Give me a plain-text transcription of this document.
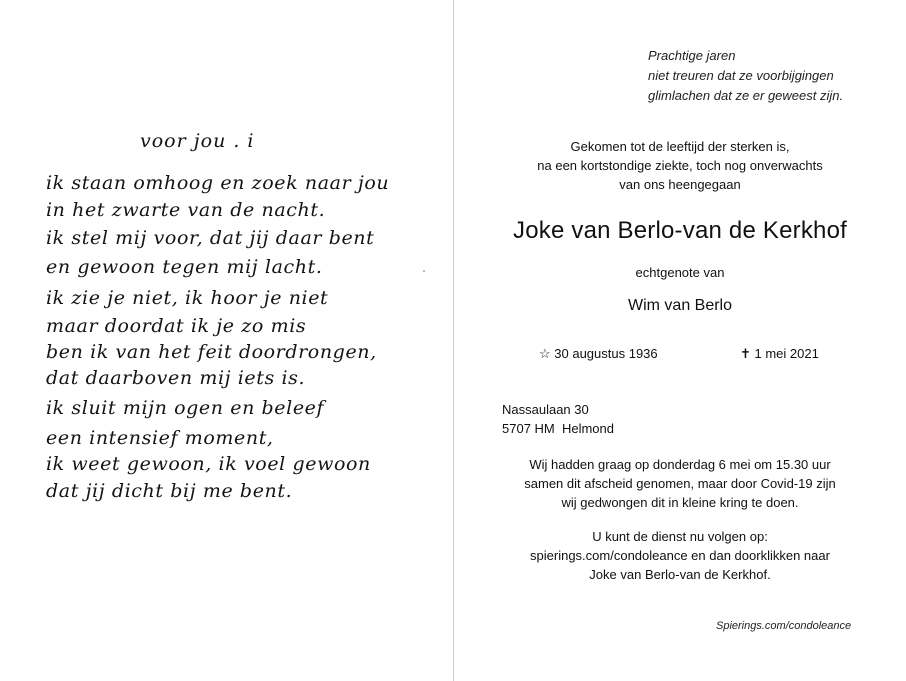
voor jou . i
ik staan omhoog en zoek naar jou
in het zwarte van de nacht.
ik stel mij voor, dat jij daar bent
en gewoon tegen mij lacht.
ik zie je niet, ik hoor je niet
maar doordat ik je zo mis
ben ik van het feit doordrongen,
dat daarboven mij iets is.
ik sluit mijn ogen en beleef
een intensief moment,
ik weet gewoon, ik voel gewoon
dat jij dicht bij me bent.
Prachtige jaren
niet treuren dat ze voorbijgingen
glimlachen dat ze er geweest zijn.
Gekomen tot de leeftijd der sterken is,
na een kortstondige ziekte, toch nog onverwachts
van ons heengegaan
Joke van Berlo-van de Kerkhof
echtgenote van
Wim van Berlo
☆ 30 augustus 1936	✝ 1 mei 2021
Nassaulaan 30
5707 HM  Helmond
Wij hadden graag op donderdag 6 mei om 15.30 uur
samen dit afscheid genomen, maar door Covid-19 zijn
wij gedwongen dit in kleine kring te doen.
U kunt de dienst nu volgen op:
spierings.com/condoleance en dan doorklikken naar
Joke van Berlo-van de Kerkhof.
Spierings.com/condoleance
